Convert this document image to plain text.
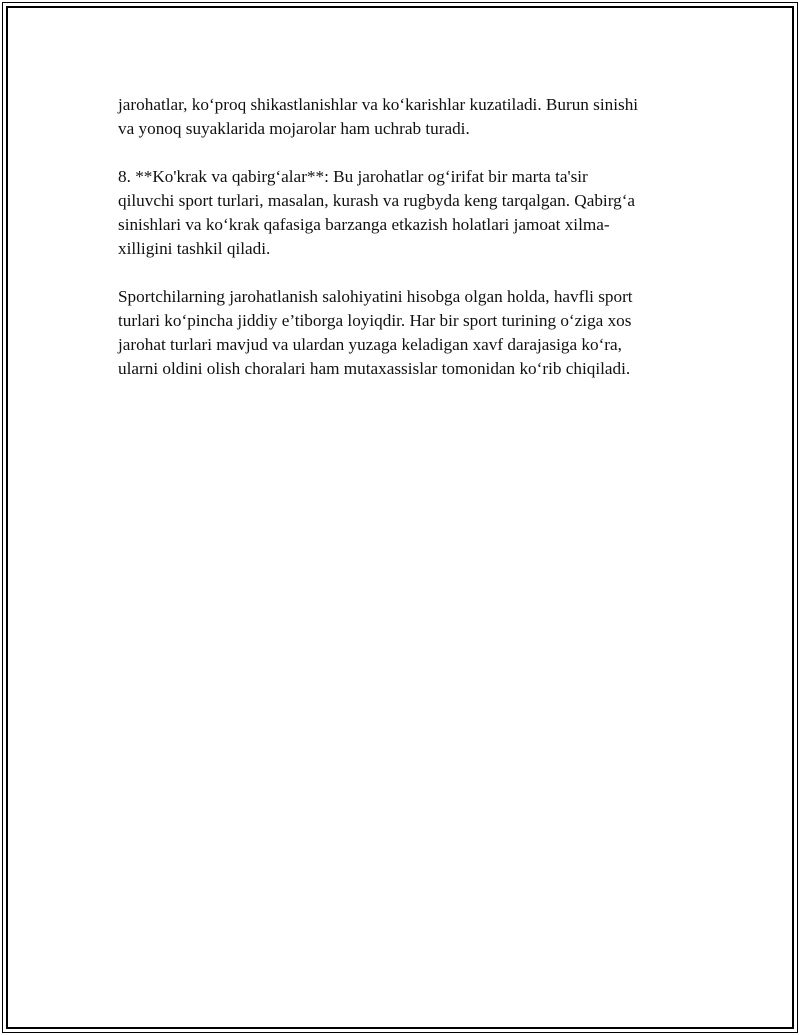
jarohatlar, ko‘proq shikastlanishlar va ko‘karishlar kuzatiladi. Burun sinishi
va yonoq suyaklarida mojarolar ham uchrab turadi.

8. **Ko'krak va qabirg‘alar**: Bu jarohatlar og‘irifat bir marta ta'sir
qiluvchi sport turlari, masalan, kurash va rugbyda keng tarqalgan. Qabirg‘a
sinishlari va ko‘krak qafasiga barzanga etkazish holatlari jamoat xilma-
xilligini tashkil qiladi.

Sportchilarning jarohatlanish salohiyatini hisobga olgan holda, havfli sport
turlari ko‘pincha jiddiy e’tiborga loyiqdir. Har bir sport turining o‘ziga xos
jarohat turlari mavjud va ulardan yuzaga keladigan xavf darajasiga ko‘ra,
ularni oldini olish choralari ham mutaxassislar tomonidan ko‘rib chiqiladi.
